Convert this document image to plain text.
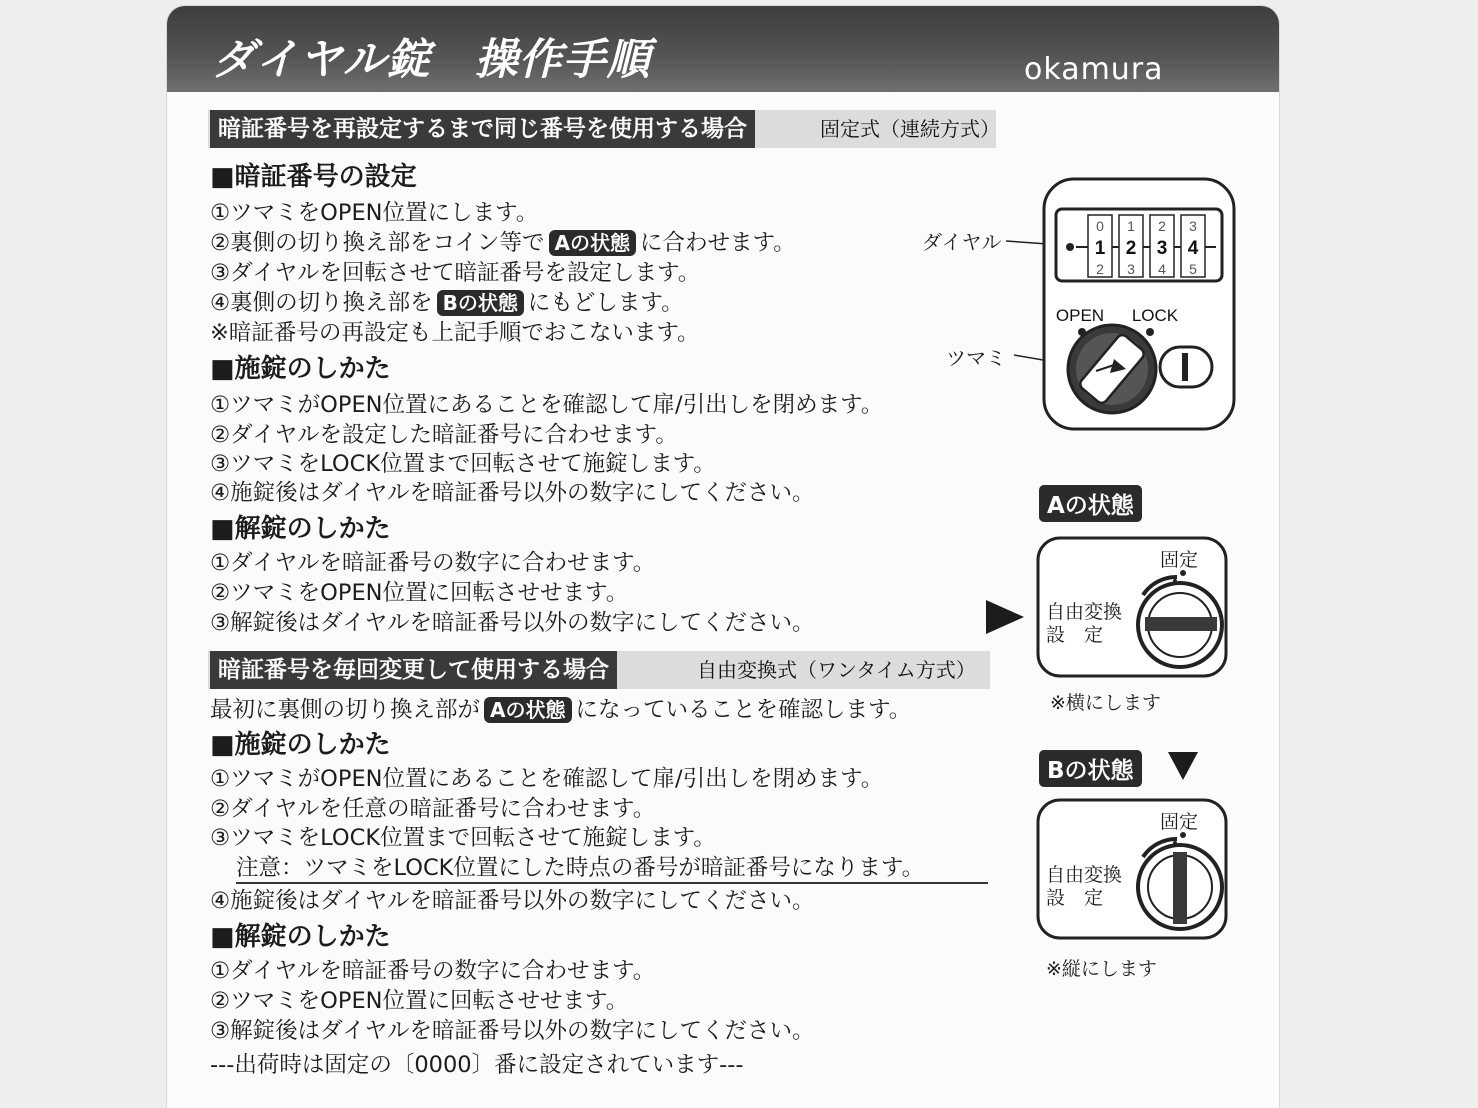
ダイヤル錠　操作手順	okamura
暗証番号を再設定するまで同じ番号を使用する場合	固定式（連続方式）
■暗証番号の設定
①ツマミをOPEN位置にします。
②裏側の切り換え部をコイン等で Aの状態 に合わせます。
③ダイヤルを回転させて暗証番号を設定します。
④裏側の切り換え部を Bの状態 にもどします。
※暗証番号の再設定も上記手順でおこないます。
■施錠のしかた
①ツマミがOPEN位置にあることを確認して扉/引出しを閉めます。
②ダイヤルを設定した暗証番号に合わせます。
③ツマミをLOCK位置まで回転させて施錠します。
④施錠後はダイヤルを暗証番号以外の数字にしてください。
■解錠のしかた
①ダイヤルを暗証番号の数字に合わせます。
②ツマミをOPEN位置に回転させせます。
③解錠後はダイヤルを暗証番号以外の数字にしてください。
暗証番号を毎回変更して使用する場合	自由変換式（ワンタイム方式）
最初に裏側の切り換え部が Aの状態 になっていることを確認します。
■施錠のしかた
①ツマミがOPEN位置にあることを確認して扉/引出しを閉めます。
②ダイヤルを任意の暗証番号に合わせます。
③ツマミをLOCK位置まで回転させて施錠します。
注意：ツマミをLOCK位置にした時点の番号が暗証番号になります。
④施錠後はダイヤルを暗証番号以外の数字にしてください。
■解錠のしかた
①ダイヤルを暗証番号の数字に合わせます。
②ツマミをOPEN位置に回転させせます。
③解錠後はダイヤルを暗証番号以外の数字にしてください。
---出荷時は固定の〔0000〕番に設定されています---
ダイヤル
ツマミ
0 1 2 3
1 2 3 4
2 3 4 5
OPEN LOCK
Aの状態
固定
自由変換
設　定
※横にします
Bの状態
固定
自由変換
設　定
※縦にします
